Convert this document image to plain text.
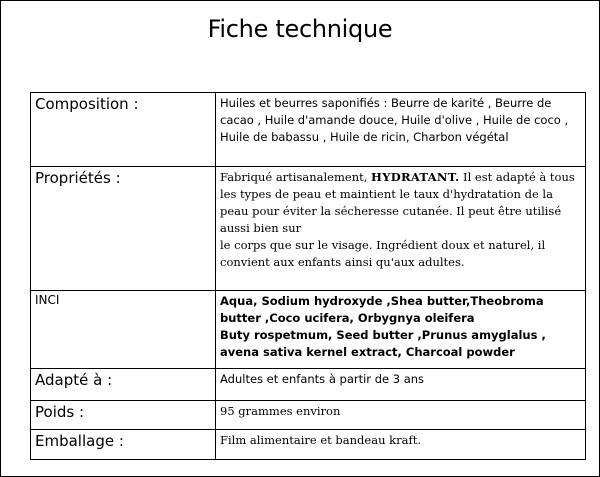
Fiche technique
Composition :	Huiles et beurres saponifiés : Beurre de karité , Beurre de cacao , Huile d'amande douce, Huile d'olive , Huile de coco , Huile de babassu , Huile de ricin, Charbon végétal
Propriétés :	Fabriqué artisanalement, HYDRATANT. Il est adapté à tous les types de peau et maintient le taux d'hydratation de la peau pour éviter la sécheresse cutanée. Il peut être utilisé aussi bien sur
le corps que sur le visage. Ingrédient doux et naturel, il convient aux enfants ainsi qu'aux adultes.

INCI	Aqua, Sodium hydroxyde ,Shea butter,Theobroma butter ,Coco ucifera, Orbygnya oleifera
Buty rospetmum, Seed butter ,Prunus amyglalus , avena sativa kernel extract, Charcoal powder

Adapté à :	Adultes et enfants à partir de 3 ans
Poids :	95 grammes environ
Emballage :	Film alimentaire et bandeau kraft.
